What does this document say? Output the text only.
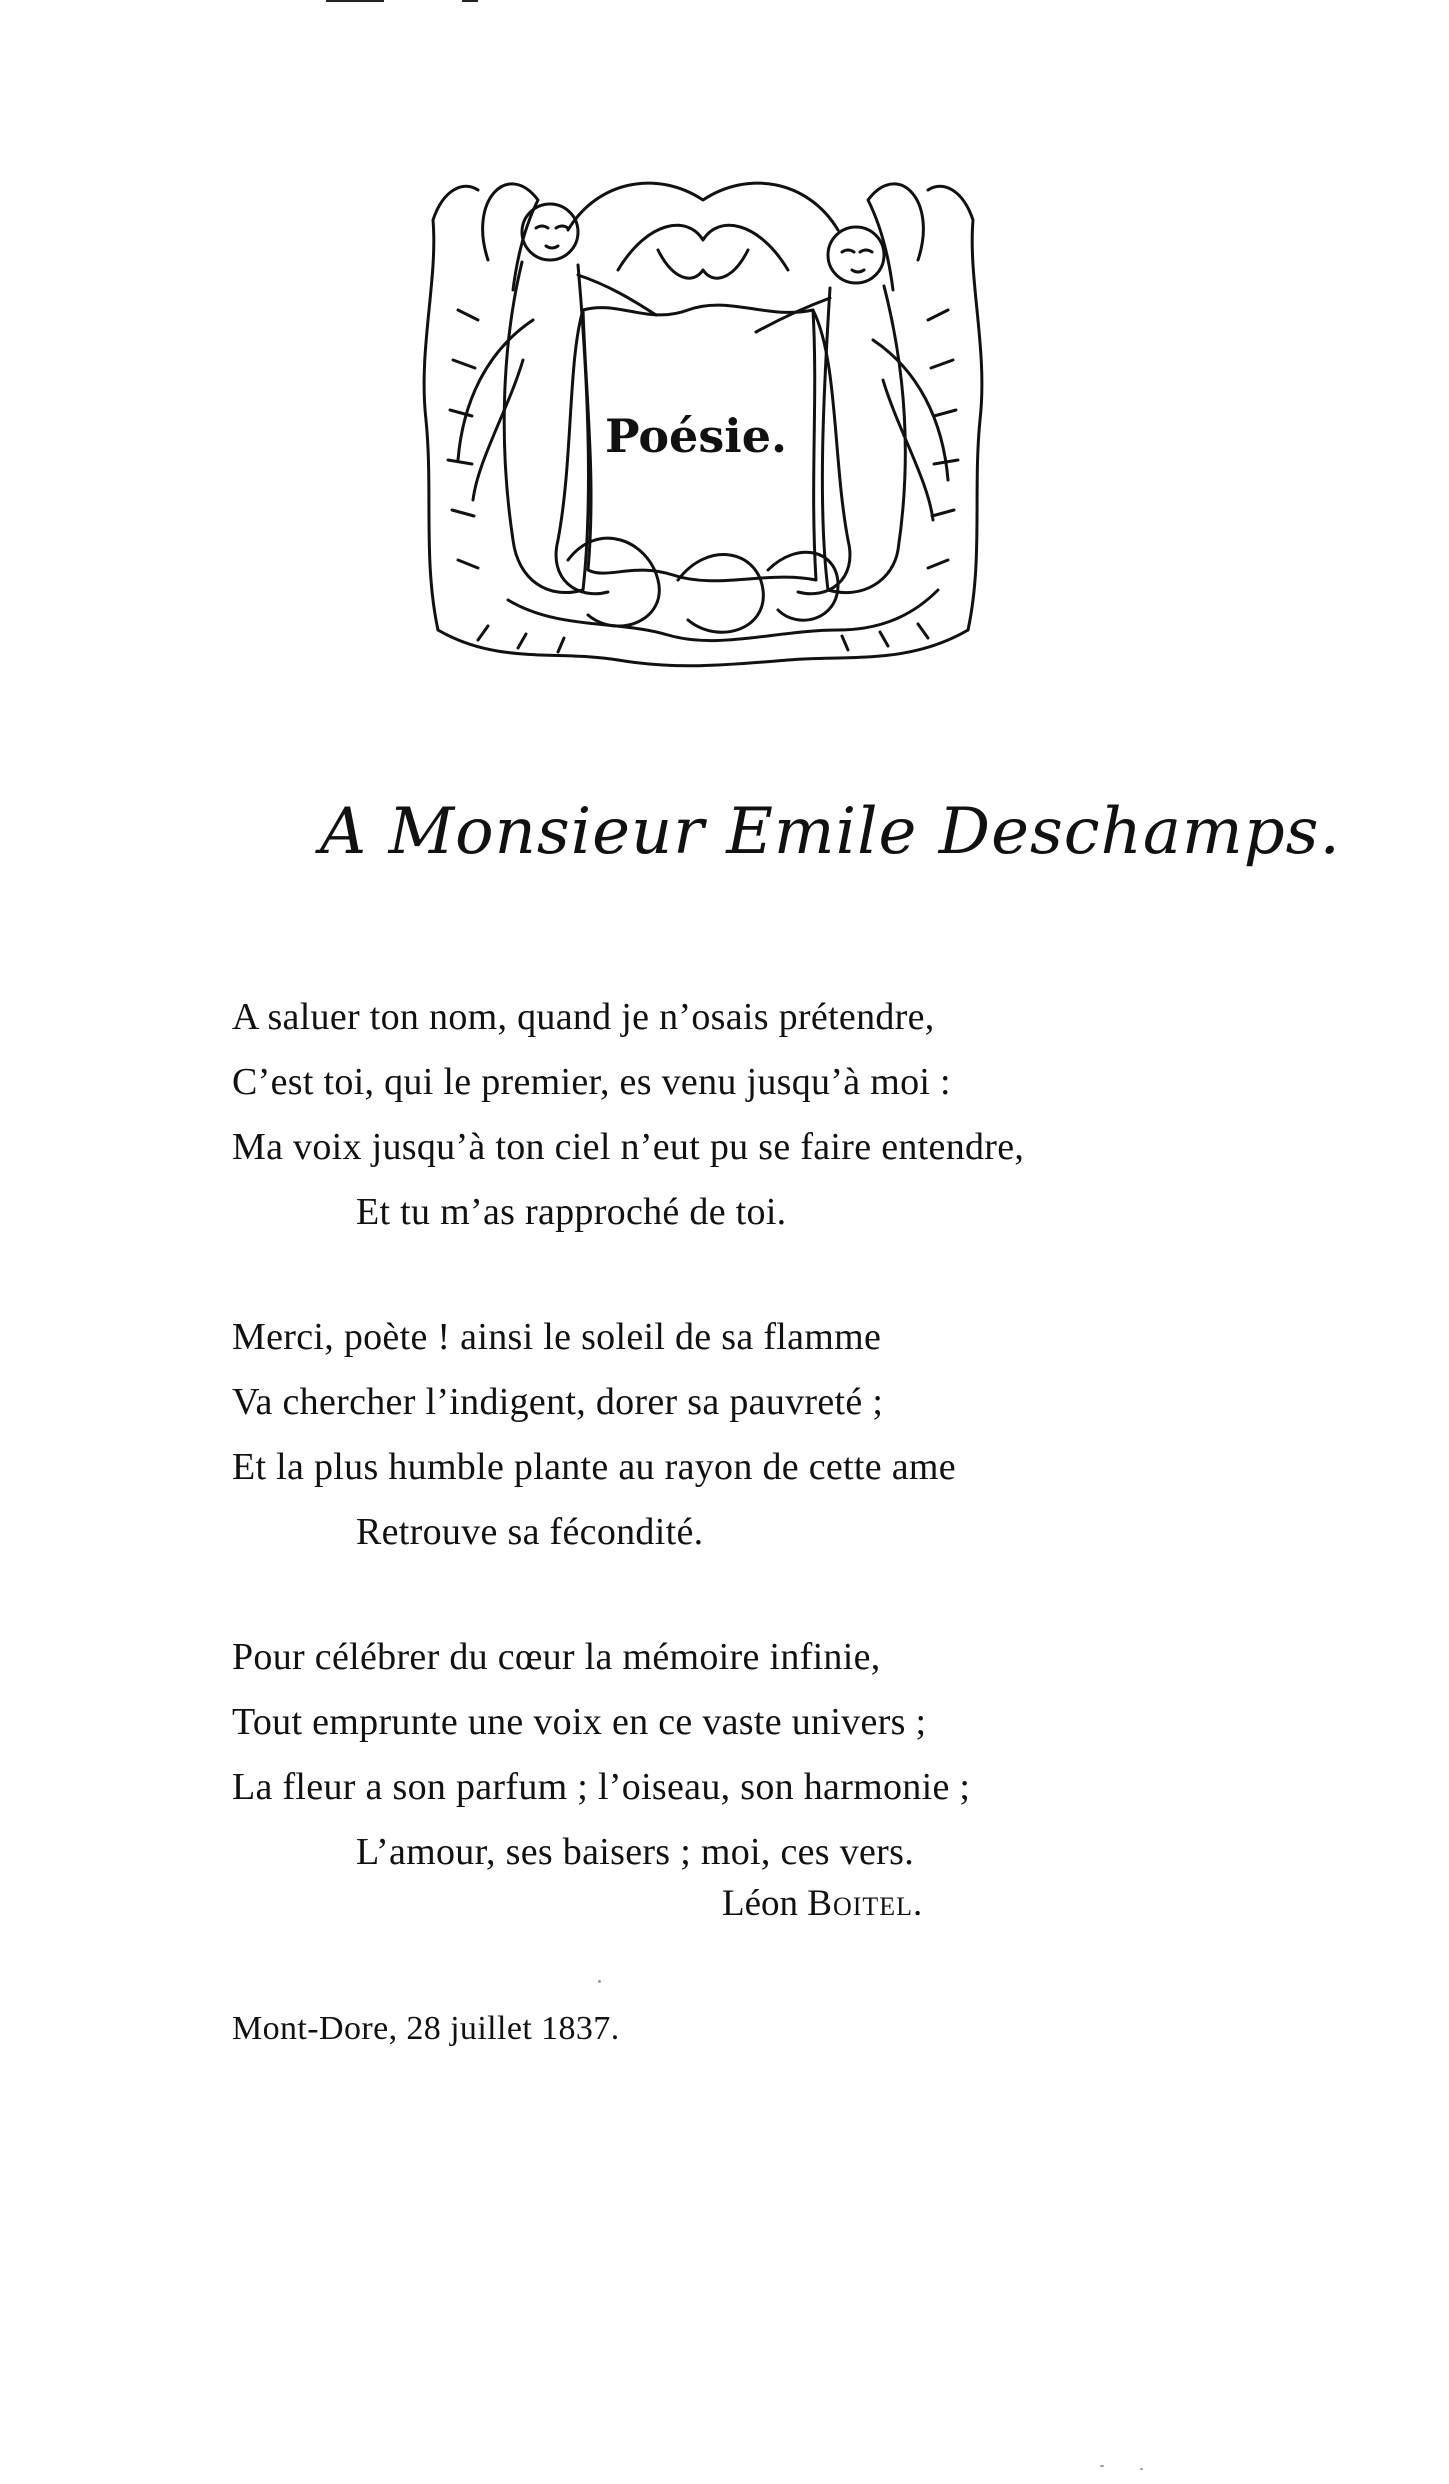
Poésie.
A Monsieur Emile Deschamps.
A saluer ton nom, quand je n’osais prétendre,
C’est toi, qui le premier, es venu jusqu’à moi :
Ma voix jusqu’à ton ciel n’eut pu se faire entendre,
Et tu m’as rapproché de toi.
Merci, poète ! ainsi le soleil de sa flamme
Va chercher l’indigent, dorer sa pauvreté ;
Et la plus humble plante au rayon de cette ame
Retrouve sa fécondité.
Pour célébrer du cœur la mémoire infinie,
Tout emprunte une voix en ce vaste univers ;
La fleur a son parfum ; l’oiseau, son harmonie ;
L’amour, ses baisers ; moi, ces vers.
Léon Boitel.
Mont-Dore, 28 juillet 1837.
